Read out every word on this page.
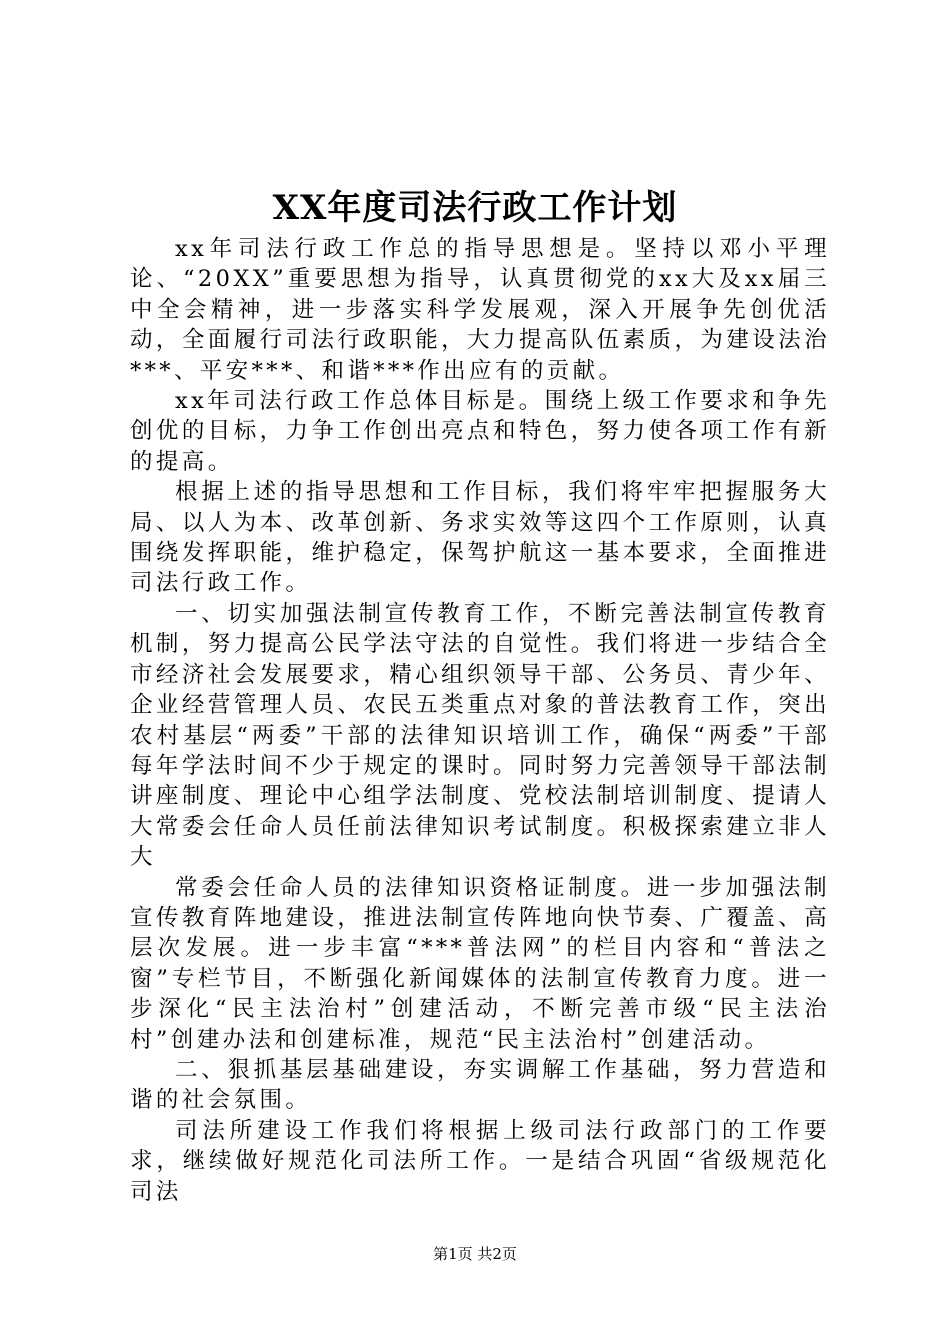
XX年度司法行政工作计划

xx年司法行政工作总的指导思想是。坚持以邓小平理论、“20XX”重要思想为指导，认真贯彻党的xx大及xx届三中全会精神，进一步落实科学发展观，深入开展争先创优活动，全面履行司法行政职能，大力提高队伍素质，为建设法治***、平安***、和谐***作出应有的贡献。

xx年司法行政工作总体目标是。围绕上级工作要求和争先创优的目标，力争工作创出亮点和特色，努力使各项工作有新的提高。

根据上述的指导思想和工作目标，我们将牢牢把握服务大局、以人为本、改革创新、务求实效等这四个工作原则，认真围绕发挥职能，维护稳定，保驾护航这一基本要求，全面推进司法行政工作。

一、切实加强法制宣传教育工作，不断完善法制宣传教育机制，努力提高公民学法守法的自觉性。我们将进一步结合全市经济社会发展要求，精心组织领导干部、公务员、青少年、企业经营管理人员、农民五类重点对象的普法教育工作，突出农村基层“两委”干部的法律知识培训工作，确保“两委”干部每年学法时间不少于规定的课时。同时努力完善领导干部法制讲座制度、理论中心组学法制度、党校法制培训制度、提请人大常委会任命人员任前法律知识考试制度。积极探索建立非人大

常委会任命人员的法律知识资格证制度。进一步加强法制宣传教育阵地建设，推进法制宣传阵地向快节奏、广覆盖、高层次发展。进一步丰富“***普法网”的栏目内容和“普法之窗”专栏节目，不断强化新闻媒体的法制宣传教育力度。进一步深化“民主法治村”创建活动，不断完善市级“民主法治村”创建办法和创建标准，规范“民主法治村”创建活动。

二、狠抓基层基础建设，夯实调解工作基础，努力营造和谐的社会氛围。

司法所建设工作我们将根据上级司法行政部门的工作要求，继续做好规范化司法所工作。一是结合巩固“省级规范化司法

第1页 共2页
